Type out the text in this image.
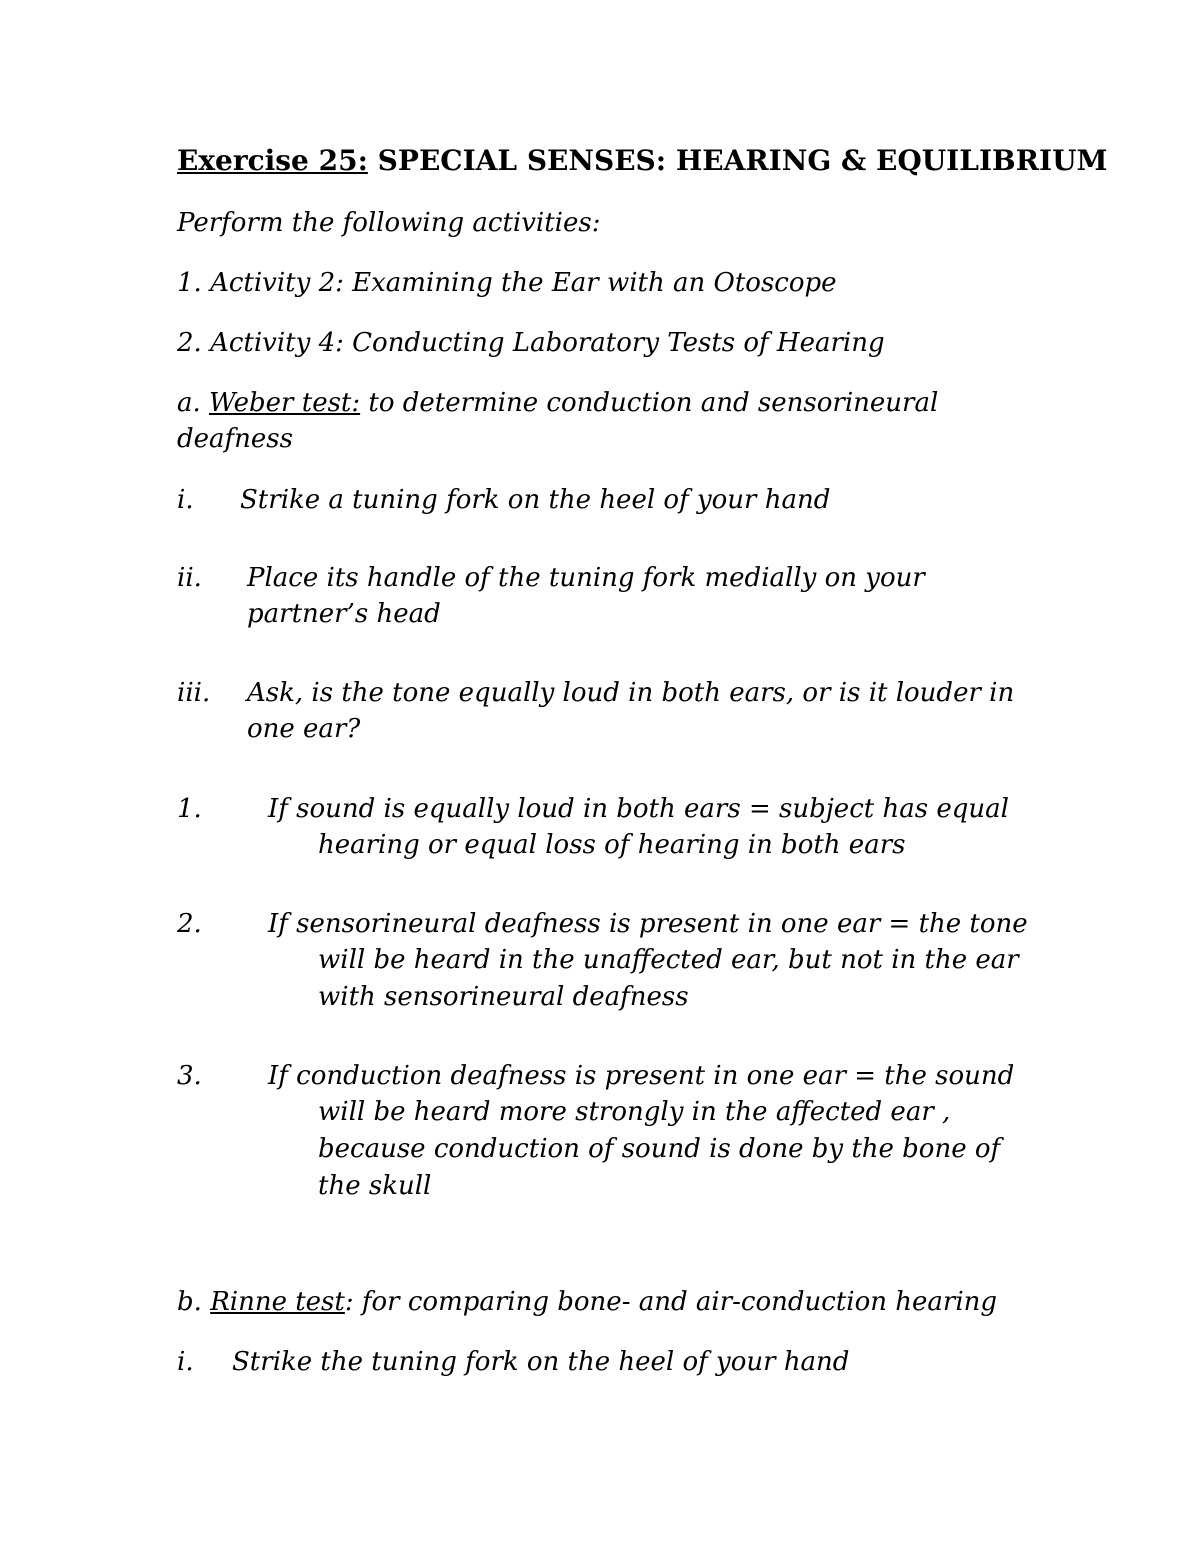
Exercise 25: SPECIAL SENSES: HEARING & EQUILIBRIUM
Perform the following activities:
1. Activity 2: Examining the Ear with an Otoscope
2. Activity 4: Conducting Laboratory Tests of Hearing
a. Weber test: to determine conduction and sensorineural
deafness
i. Strike a tuning fork on the heel of your hand
ii. Place its handle of the tuning fork medially on your
partner’s head
iii. Ask, is the tone equally loud in both ears, or is it louder in
one ear?
1.	If sound is equally loud in both ears = subject has equal
hearing or equal loss of hearing in both ears
2.	If sensorineural deafness is present in one ear = the tone
will be heard in the unaffected ear, but not in the ear
with sensorineural deafness
3.	If conduction deafness is present in one ear = the sound
will be heard more strongly in the affected ear ,
because conduction of sound is done by the bone of
the skull
b. Rinne test: for comparing bone- and air-conduction hearing
i. Strike the tuning fork on the heel of your hand
